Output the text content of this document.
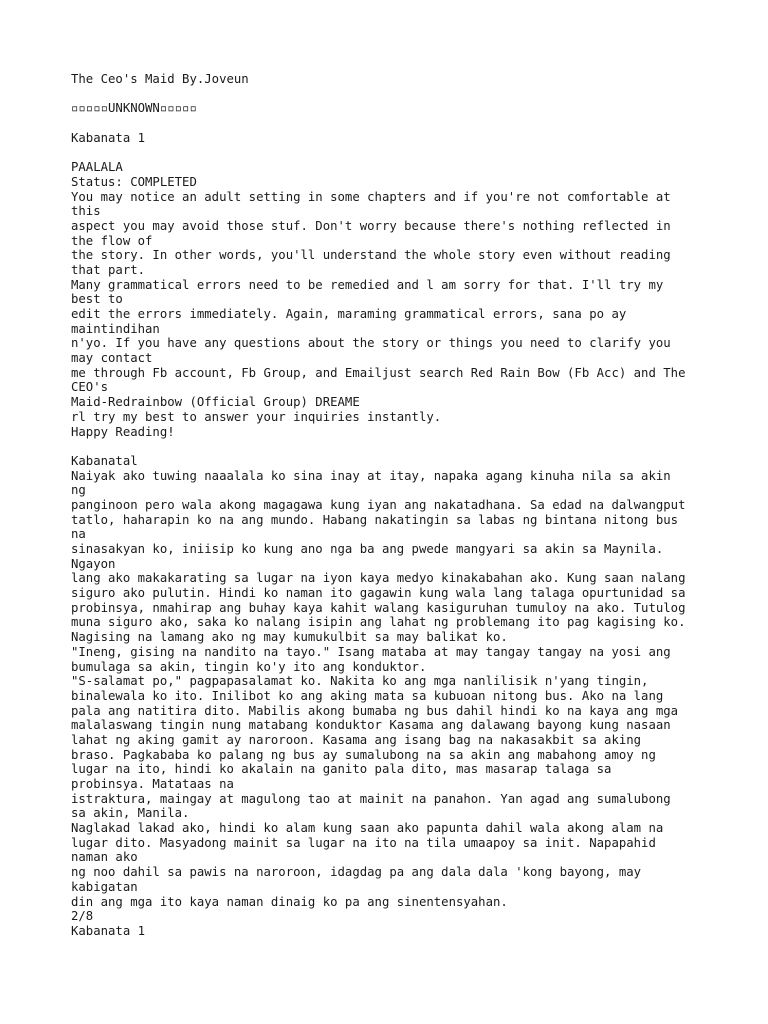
The Ceo's Maid By.Joveun
▫▫▫▫▫UNKNOWN▫▫▫▫▫
Kabanata 1
PAALALA
Status: COMPLETED
You may notice an adult setting in some chapters and if you're not comfortable at
this
aspect you may avoid those stuf. Don't worry because there's nothing reflected in
the flow of
the story. In other words, you'll understand the whole story even without reading
that part.
Many grammatical errors need to be remedied and l am sorry for that. I'll try my
best to
edit the errors immediately. Again, maraming grammatical errors, sana po ay
maintindihan
n'yo. If you have any questions about the story or things you need to clarify you
may contact
me through Fb account, Fb Group, and Emailjust search Red Rain Bow (Fb Acc) and The
CEO's
Maid-Redrainbow (Official Group) DREAME
rl try my best to answer your inquiries instantly.
Happy Reading!
Kabanatal
Naiyak ako tuwing naaalala ko sina inay at itay, napaka agang kinuha nila sa akin
ng
panginoon pero wala akong magagawa kung iyan ang nakatadhana. Sa edad na dalwangput
tatlo, haharapin ko na ang mundo. Habang nakatingin sa labas ng bintana nitong bus
na
sinasakyan ko, iniisip ko kung ano nga ba ang pwede mangyari sa akin sa Maynila.
Ngayon
lang ako makakarating sa lugar na iyon kaya medyo kinakabahan ako. Kung saan nalang
siguro ako pulutin. Hindi ko naman ito gagawin kung wala lang talaga opurtunidad sa
probinsya, nmahirap ang buhay kaya kahit walang kasiguruhan tumuloy na ako. Tutulog
muna siguro ako, saka ko nalang isipin ang lahat ng problemang ito pag kagising ko.
Nagising na lamang ako ng may kumukulbit sa may balikat ko.
"Ineng, gising na nandito na tayo." Isang mataba at may tangay tangay na yosi ang
bumulaga sa akin, tingin ko'y ito ang konduktor.
"S-salamat po," pagpapasalamat ko. Nakita ko ang mga nanlilisik n'yang tingin,
binalewala ko ito. Inilibot ko ang aking mata sa kubuoan nitong bus. Ako na lang
pala ang natitira dito. Mabilis akong bumaba ng bus dahil hindi ko na kaya ang mga
malalaswang tingin nung matabang konduktor Kasama ang dalawang bayong kung nasaan
lahat ng aking gamit ay naroroon. Kasama ang isang bag na nakasakbit sa aking
braso. Pagkababa ko palang ng bus ay sumalubong na sa akin ang mabahong amoy ng
lugar na ito, hindi ko akalain na ganito pala dito, mas masarap talaga sa
probinsya. Matataas na
istraktura, maingay at magulong tao at mainit na panahon. Yan agad ang sumalubong
sa akin, Manila.
Naglakad lakad ako, hindi ko alam kung saan ako papunta dahil wala akong alam na
lugar dito. Masyadong mainit sa lugar na ito na tila umaapoy sa init. Napapahid
naman ako
ng noo dahil sa pawis na naroroon, idagdag pa ang dala dala 'kong bayong, may
kabigatan
din ang mga ito kaya naman dinaig ko pa ang sinentensyahan.
2/8
Kabanata 1
